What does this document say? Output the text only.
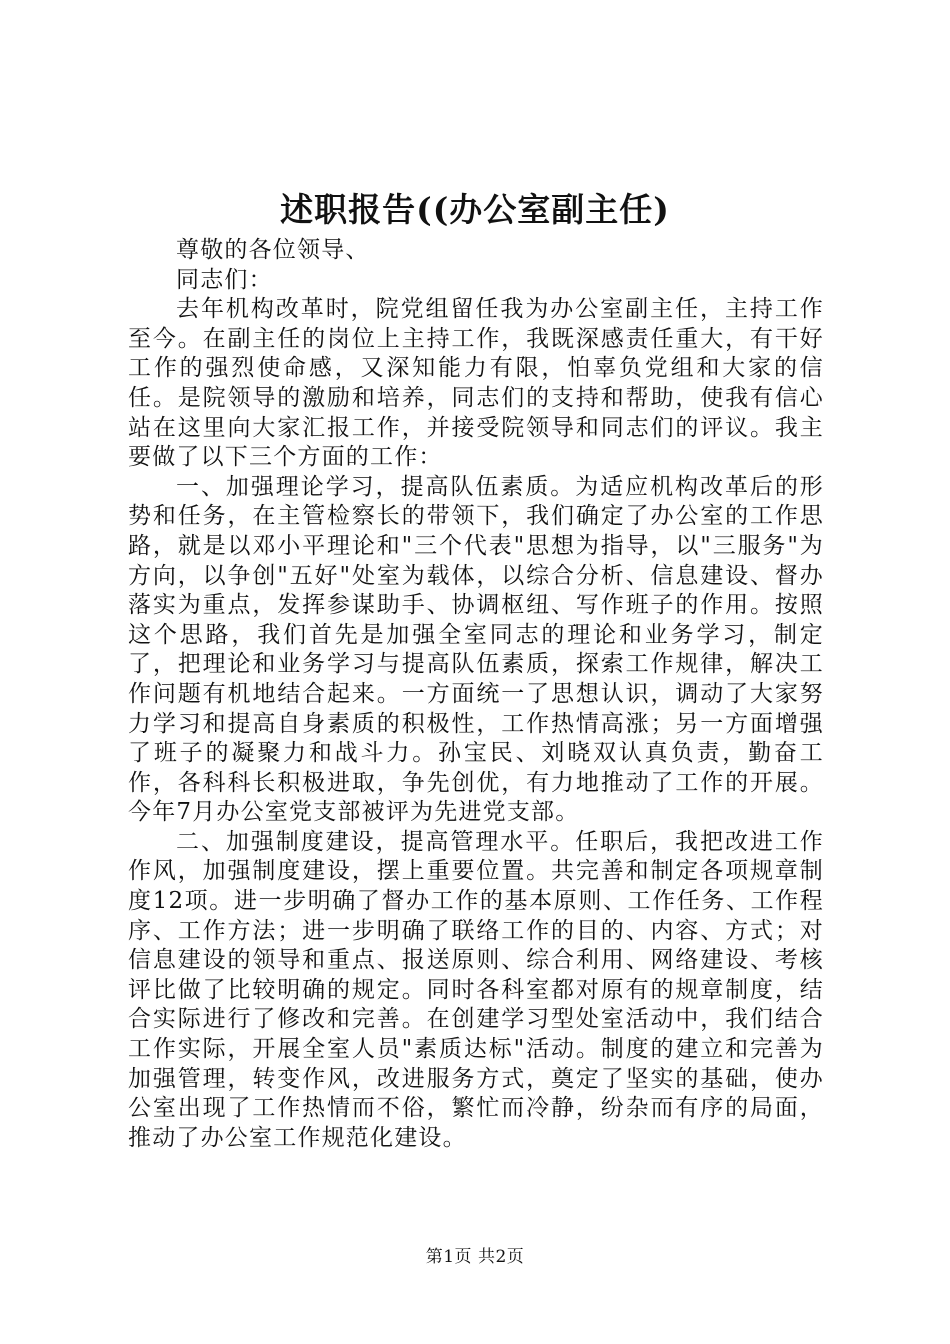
述职报告((办公室副主任)

尊敬的各位领导、

同志们：

去年机构改革时，院党组留任我为办公室副主任，主持工作至今。在副主任的岗位上主持工作，我既深感责任重大，有干好工作的强烈使命感，又深知能力有限，怕辜负党组和大家的信任。是院领导的激励和培养，同志们的支持和帮助，使我有信心站在这里向大家汇报工作，并接受院领导和同志们的评议。我主要做了以下三个方面的工作：

一、加强理论学习，提高队伍素质。为适应机构改革后的形势和任务，在主管检察长的带领下，我们确定了办公室的工作思路，就是以邓小平理论和"三个代表"思想为指导，以"三服务"为方向，以争创"五好"处室为载体，以综合分析、信息建设、督办落实为重点，发挥参谋助手、协调枢纽、写作班子的作用。按照这个思路，我们首先是加强全室同志的理论和业务学习，制定了，把理论和业务学习与提高队伍素质，探索工作规律，解决工作问题有机地结合起来。一方面统一了思想认识，调动了大家努力学习和提高自身素质的积极性，工作热情高涨；另一方面增强了班子的凝聚力和战斗力。孙宝民、刘晓双认真负责，勤奋工作，各科科长积极进取，争先创优，有力地推动了工作的开展。今年7月办公室党支部被评为先进党支部。

二、加强制度建设，提高管理水平。任职后，我把改进工作作风，加强制度建设，摆上重要位置。共完善和制定各项规章制度12项。进一步明确了督办工作的基本原则、工作任务、工作程序、工作方法；进一步明确了联络工作的目的、内容、方式；对信息建设的领导和重点、报送原则、综合利用、网络建设、考核评比做了比较明确的规定。同时各科室都对原有的规章制度，结合实际进行了修改和完善。在创建学习型处室活动中，我们结合工作实际，开展全室人员"素质达标"活动。制度的建立和完善为加强管理，转变作风，改进服务方式，奠定了坚实的基础，使办公室出现了工作热情而不俗，繁忙而冷静，纷杂而有序的局面，推动了办公室工作规范化建设。

第1页 共2页
